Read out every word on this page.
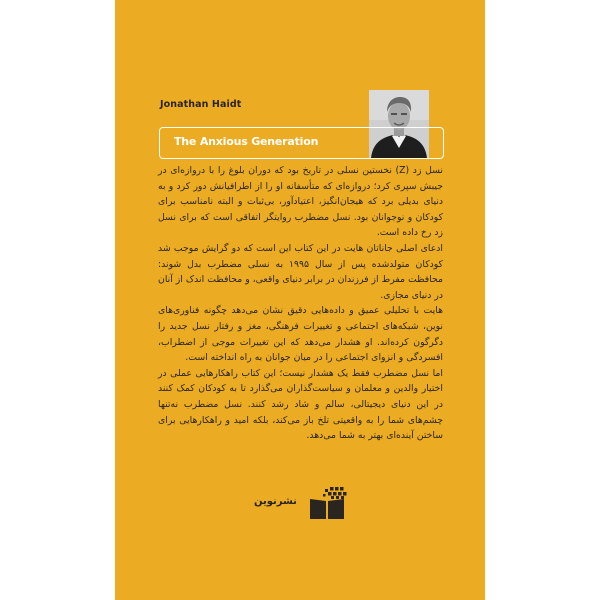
Jonathan Haidt
The Anxious Generation

نسل زد (Z) نخستین نسلی در تاریخ بود که دوران بلوغ را با دروازه‌ای در جیبش سپری کرد؛ دروازه‌ای که متأسفانه او را از اطرافیانش دور کرد و به دنیای بدیلی برد که هیجان‌انگیز، اعتیادآور، بی‌ثبات و البته نامناسب برای کودکان و نوجوانان بود. نسل مضطرب روایتگر اتفاقی است که برای نسل زد رخ داده است.

ادعای اصلی جاناتان هایت در این کتاب این است که دو گرایش موجب شد کودکان متولدشده پس از سال ۱۹۹۵ به نسلی مضطرب بدل شوند: محافظت مفرط از فرزندان در برابر دنیای واقعی، و محافظت اندک از آنان در دنیای مجازی.

هایت با تحلیلی عمیق و داده‌هایی دقیق نشان می‌دهد چگونه فناوری‌های نوین، شبکه‌های اجتماعی و تغییرات فرهنگی، مغز و رفتار نسل جدید را دگرگون کرده‌اند. او هشدار می‌دهد که این تغییرات موجی از اضطراب، افسردگی و انزوای اجتماعی را در میان جوانان به راه انداخته است.

اما نسل مضطرب فقط یک هشدار نیست؛ این کتاب راهکارهایی عملی در اختیار والدین و معلمان و سیاست‌گذاران می‌گذارد تا به کودکان کمک کنند در این دنیای دیجیتالی، سالم و شاد رشد کنند. نسل مضطرب نه‌تنها چشم‌های شما را به واقعیتی تلخ باز می‌کند، بلکه امید و راهکارهایی برای ساختن آینده‌ای بهتر به شما می‌دهد.

نشرنوین
